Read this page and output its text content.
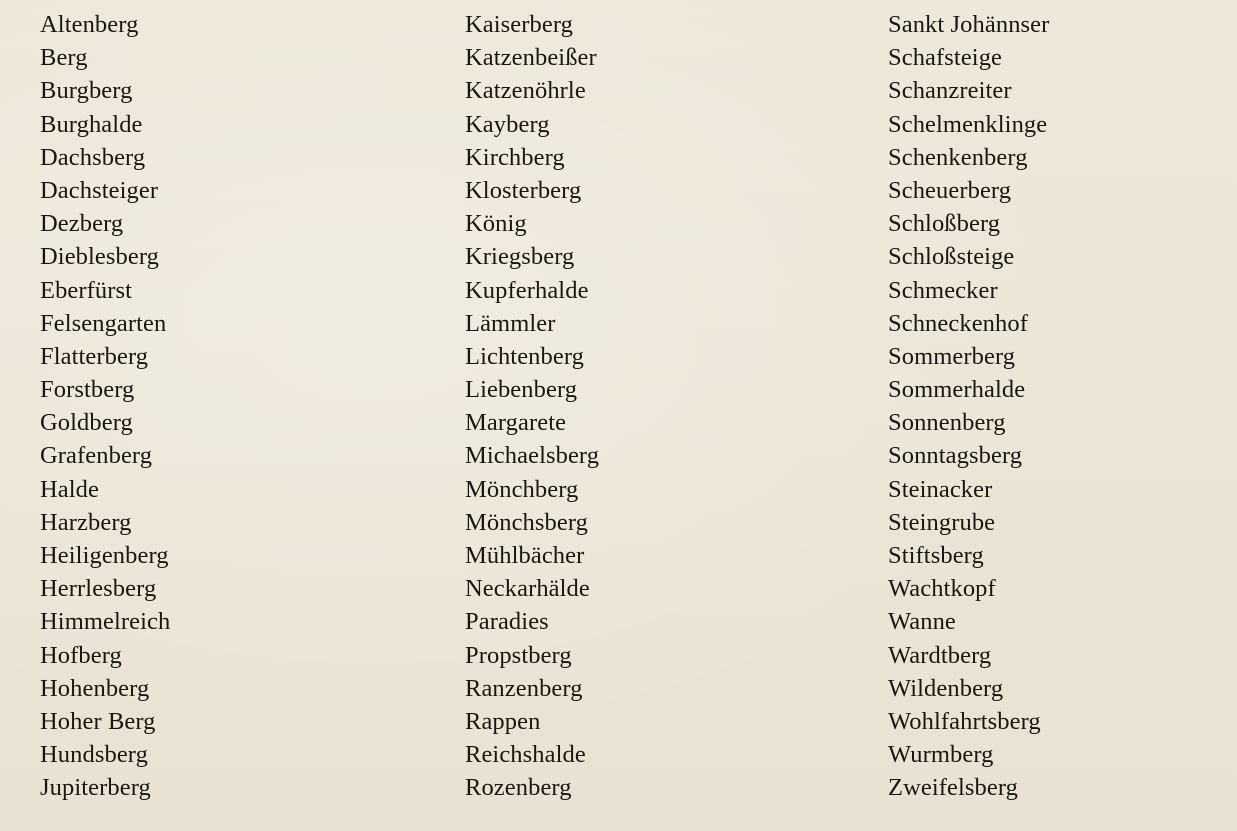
Altenberg
Berg
Burgberg
Burghalde
Dachsberg
Dachsteiger
Dezberg
Dieblesberg
Eberfürst
Felsengarten
Flatterberg
Forstberg
Goldberg
Grafenberg
Halde
Harzberg
Heiligenberg
Herrlesberg
Himmelreich
Hofberg
Hohenberg
Hoher Berg
Hundsberg
Jupiterberg
Kaiserberg
Katzenbeißer
Katzenöhrle
Kayberg
Kirchberg
Klosterberg
König
Kriegsberg
Kupferhalde
Lämmler
Lichtenberg
Liebenberg
Margarete
Michaelsberg
Mönchberg
Mönchsberg
Mühlbächer
Neckarhälde
Paradies
Propstberg
Ranzenberg
Rappen
Reichshalde
Rozenberg
Sankt Johännser
Schafsteige
Schanzreiter
Schelmenklinge
Schenkenberg
Scheuerberg
Schloßberg
Schloßsteige
Schmecker
Schneckenhof
Sommerberg
Sommerhalde
Sonnenberg
Sonntagsberg
Steinacker
Steingrube
Stiftsberg
Wachtkopf
Wanne
Wardtberg
Wildenberg
Wohlfahrtsberg
Wurmberg
Zweifelsberg
